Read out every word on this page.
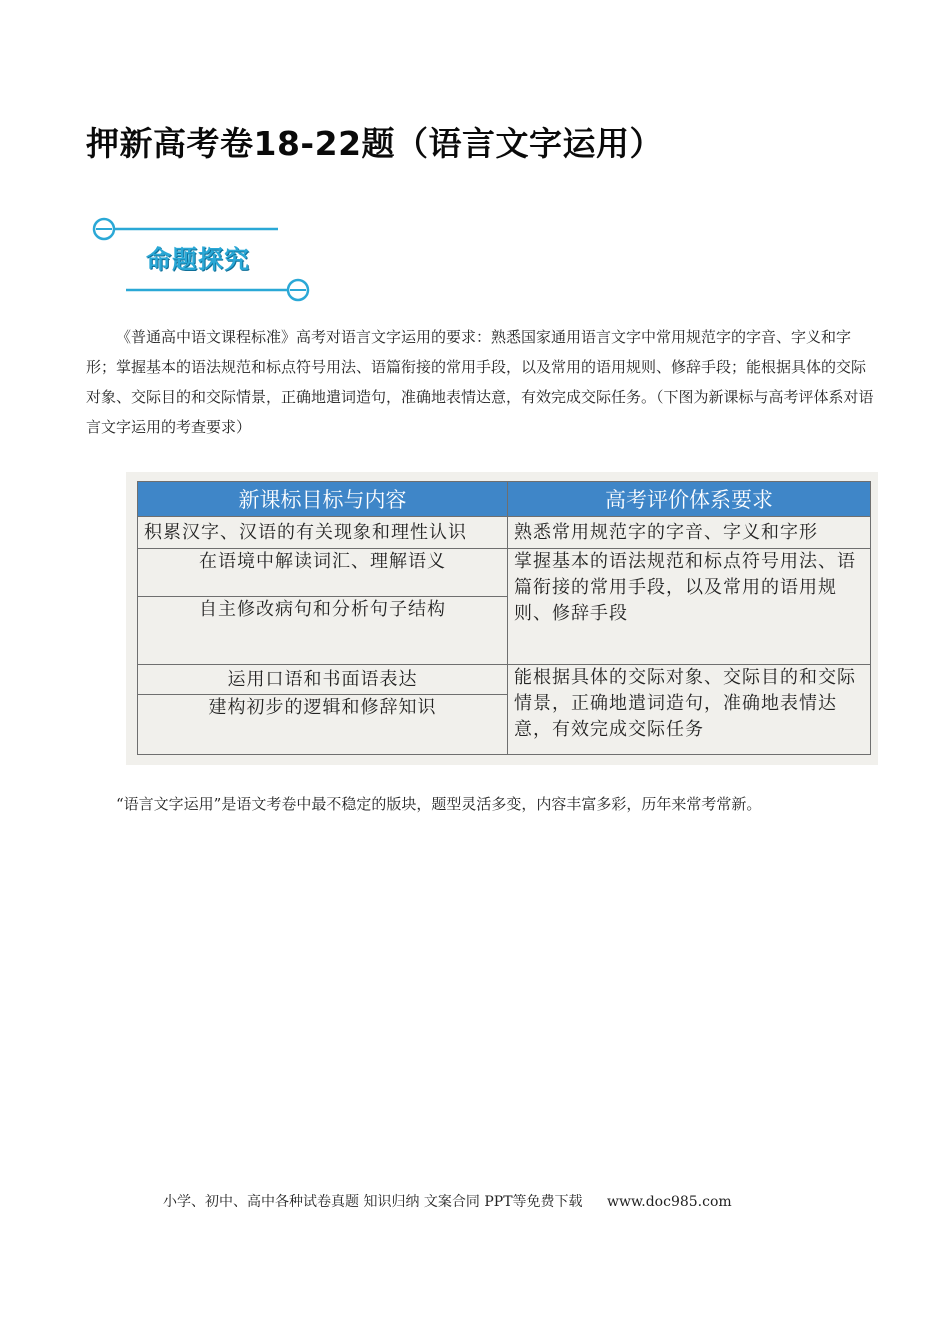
押新高考卷18-22题（语言文字运用）
命题探究

《普通高中语文课程标准》高考对语言文字运用的要求：熟悉国家通用语言文字中常用规范字的字音、字义和字形；掌握基本的语法规范和标点符号用法、语篇衔接的常用手段，以及常用的语用规则、修辞手段；能根据具体的交际对象、交际目的和交际情景，正确地遣词造句，准确地表情达意，有效完成交际任务。（下图为新课标与高考评体系对语言文字运用的考查要求）

新课标目标与内容	高考评价体系要求
积累汉字、汉语的有关现象和理性认识	熟悉常用规范字的字音、字义和字形
在语境中解读词汇、理解语义	掌握基本的语法规范和标点符号用法、语篇衔接的常用手段，以及常用的语用规则、修辞手段
自主修改病句和分析句子结构	
运用口语和书面语表达	能根据具体的交际对象、交际目的和交际情景，正确地遣词造句，准确地表情达意，有效完成交际任务
建构初步的逻辑和修辞知识	

“语言文字运用”是语文考卷中最不稳定的版块，题型灵活多变，内容丰富多彩，历年来常考常新。

小学、初中、高中各种试卷真题 知识归纳 文案合同 PPT等免费下载 www.doc985.com
